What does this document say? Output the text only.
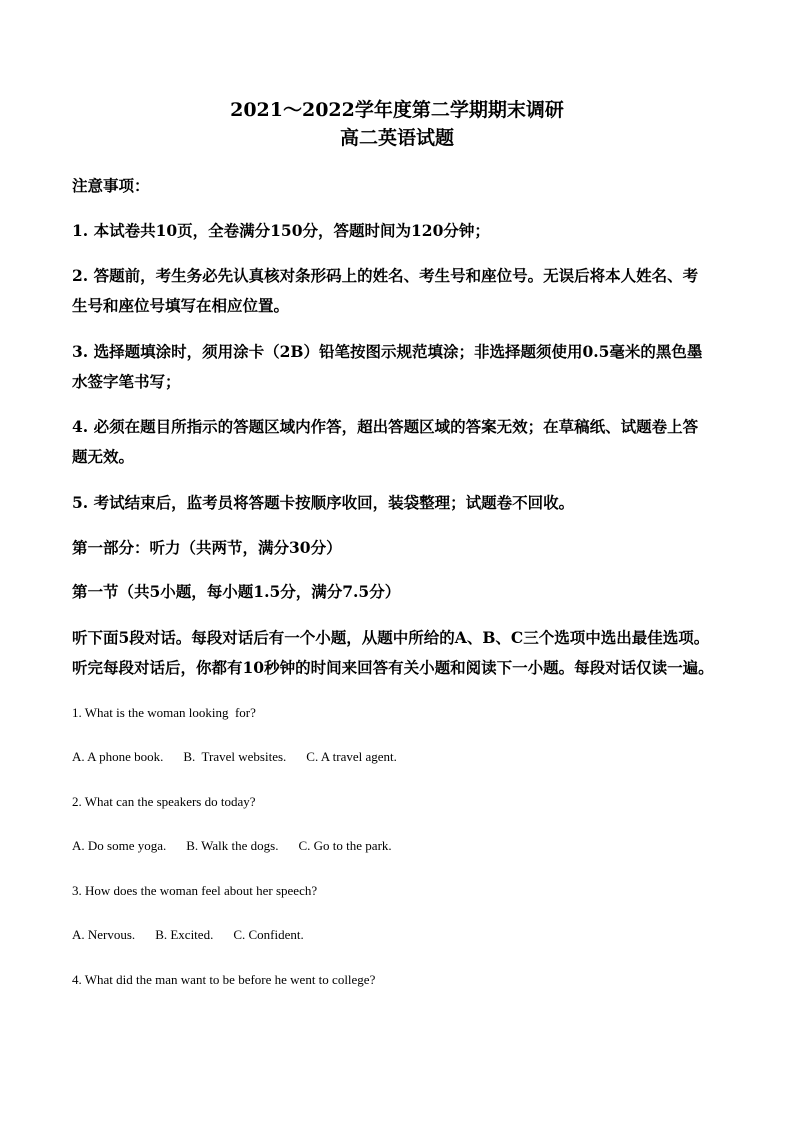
2021～2022学年度第二学期期末调研
高二英语试题
注意事项：
1. 本试卷共10页，全卷满分150分，答题时间为120分钟；
2. 答题前，考生务必先认真核对条形码上的姓名、考生号和座位号。无误后将本人姓名、考
生号和座位号填写在相应位置。
3. 选择题填涂时，须用涂卡（2B）铅笔按图示规范填涂；非选择题须使用0.5毫米的黑色墨
水签字笔书写；
4. 必须在题目所指示的答题区域内作答，超出答题区域的答案无效；在草稿纸、试题卷上答
题无效。
5. 考试结束后，监考员将答题卡按顺序收回，装袋整理；试题卷不回收。
第一部分：听力（共两节，满分30分）
第一节（共5小题，每小题1.5分，满分7.5分）
听下面5段对话。每段对话后有一个小题，从题中所给的A、B、C三个选项中选出最佳选项。
听完每段对话后，你都有10秒钟的时间来回答有关小题和阅读下一小题。每段对话仅读一遍。
1. What is the woman looking  for?
A. A phone book. B.  Travel websites. C. A travel agent.
2. What can the speakers do today?
A. Do some yoga. B. Walk the dogs. C. Go to the park.
3. How does the woman feel about her speech?
A. Nervous. B. Excited. C. Confident.
4. What did the man want to be before he went to college?
